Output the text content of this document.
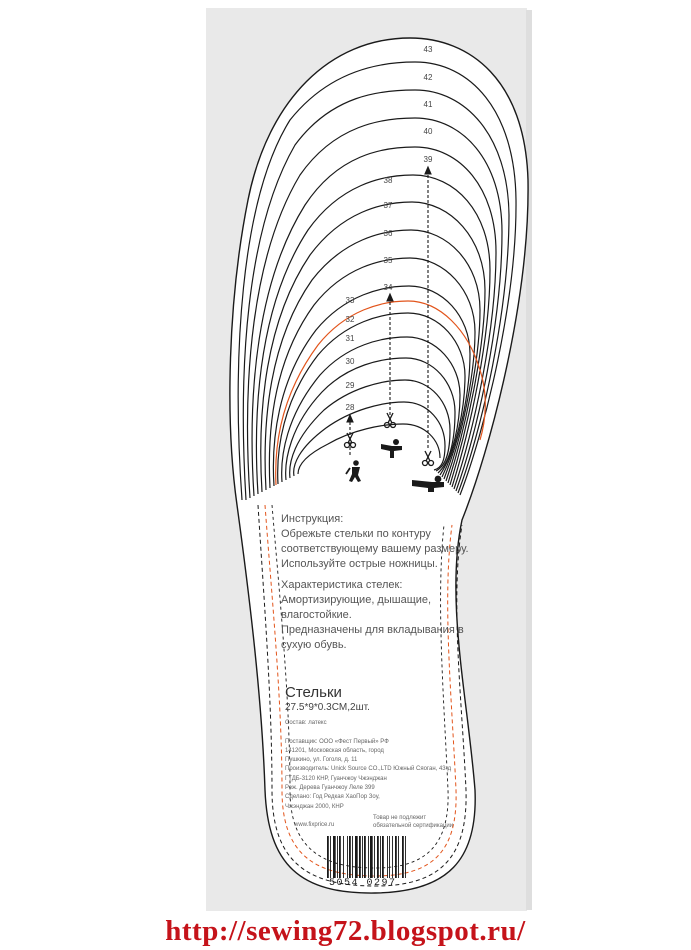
43
42
41
40
39
38
37
36
35
34
33
32
31
30
29
28
Инструкция:
Обрежьте стельки по контуру
соответствующему вашему размеру.
Используйте острые ножницы.
Характеристика стелек:
Амортизирующие, дышащие,
влагостойкие.
Предназначены для вкладывания в
сухую обувь.
Стельки
27.5*9*0.3CM,2шт.
Состав: латекс
Поставщик: ООО «Фест Первый» РФ
141201, Московская область, город
Пушкино, ул. Гоголя, д. 11
Производитель: Unick Source CO.,LTD Южный Сяоган, 43-д
ГТДБ-3120 КНР, Гуанчжоу Чжэнджан
Реж. Дерева Гуанчжоу Леле 399
Сделано: Год Редкая ХаоПор Зоу,
Чжэнджан 2000, КНР
www.fixprice.ru
Товар не подлежит
обязательной сертификации
5054 0297
http://sewing72.blogspot.ru/
